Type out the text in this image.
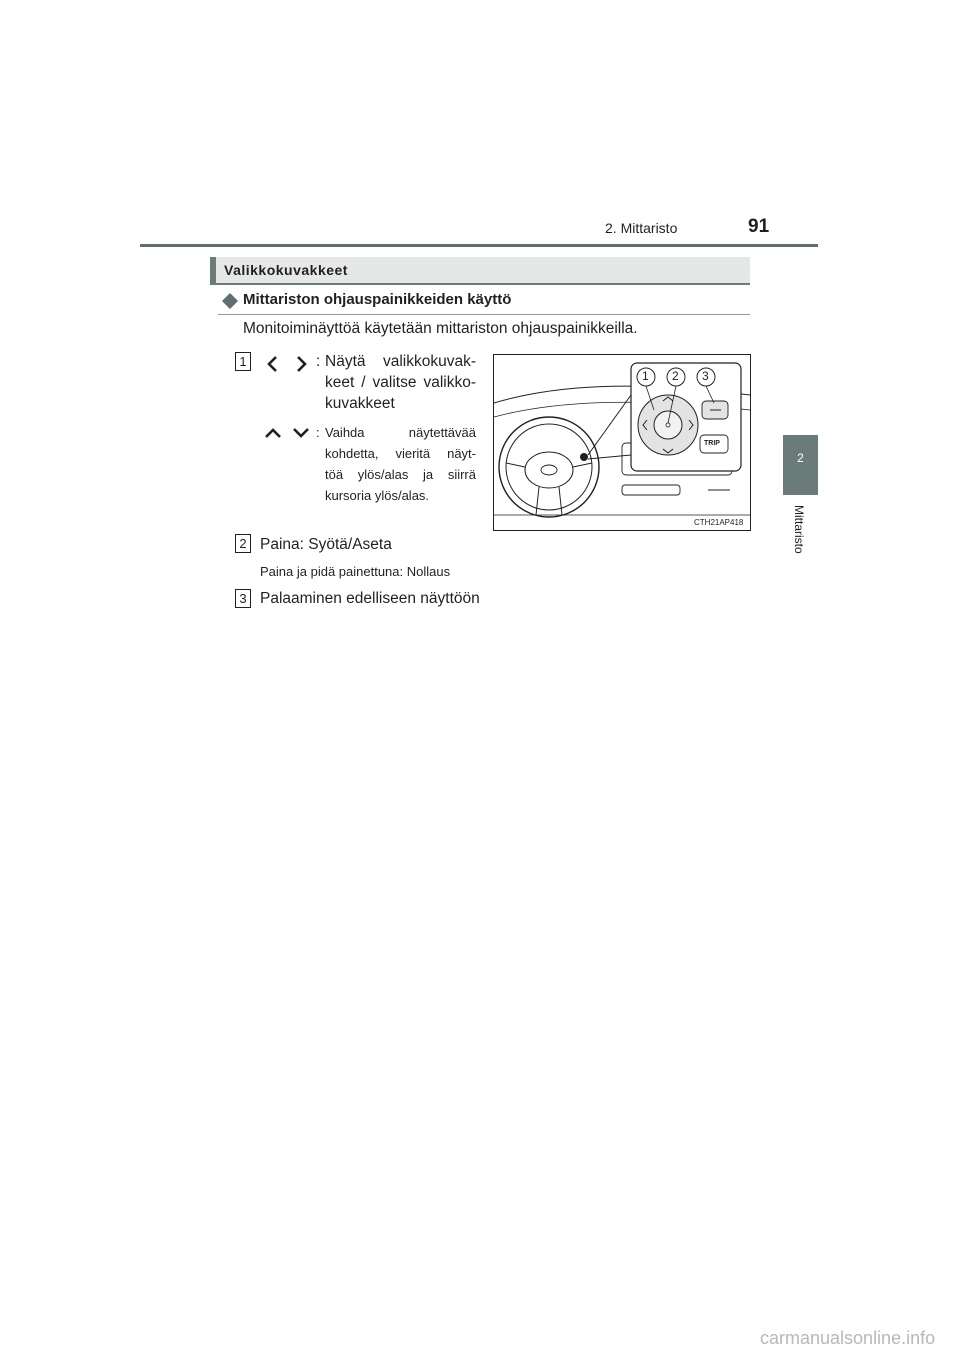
2. Mittaristo	91
2
Mittaristo
Valikkokuvakkeet
Mittariston ohjauspainikkeiden käyttö
Monitoiminäyttöä käytetään mittariston ohjauspainikkeilla.
1	: Näytä valikkokuvak-
keet / valitse valikko-
kuvakkeet
: Vaihda näytettävää
kohdetta, vieritä näyt-
töä ylös/alas ja siirrä
kursoria ylös/alas.
1 2 3
TRIP
CTH21AP418
2 Paina: Syötä/Aseta
Paina ja pidä painettuna: Nollaus
3 Palaaminen edelliseen näyttöön
carmanualsonline.info
